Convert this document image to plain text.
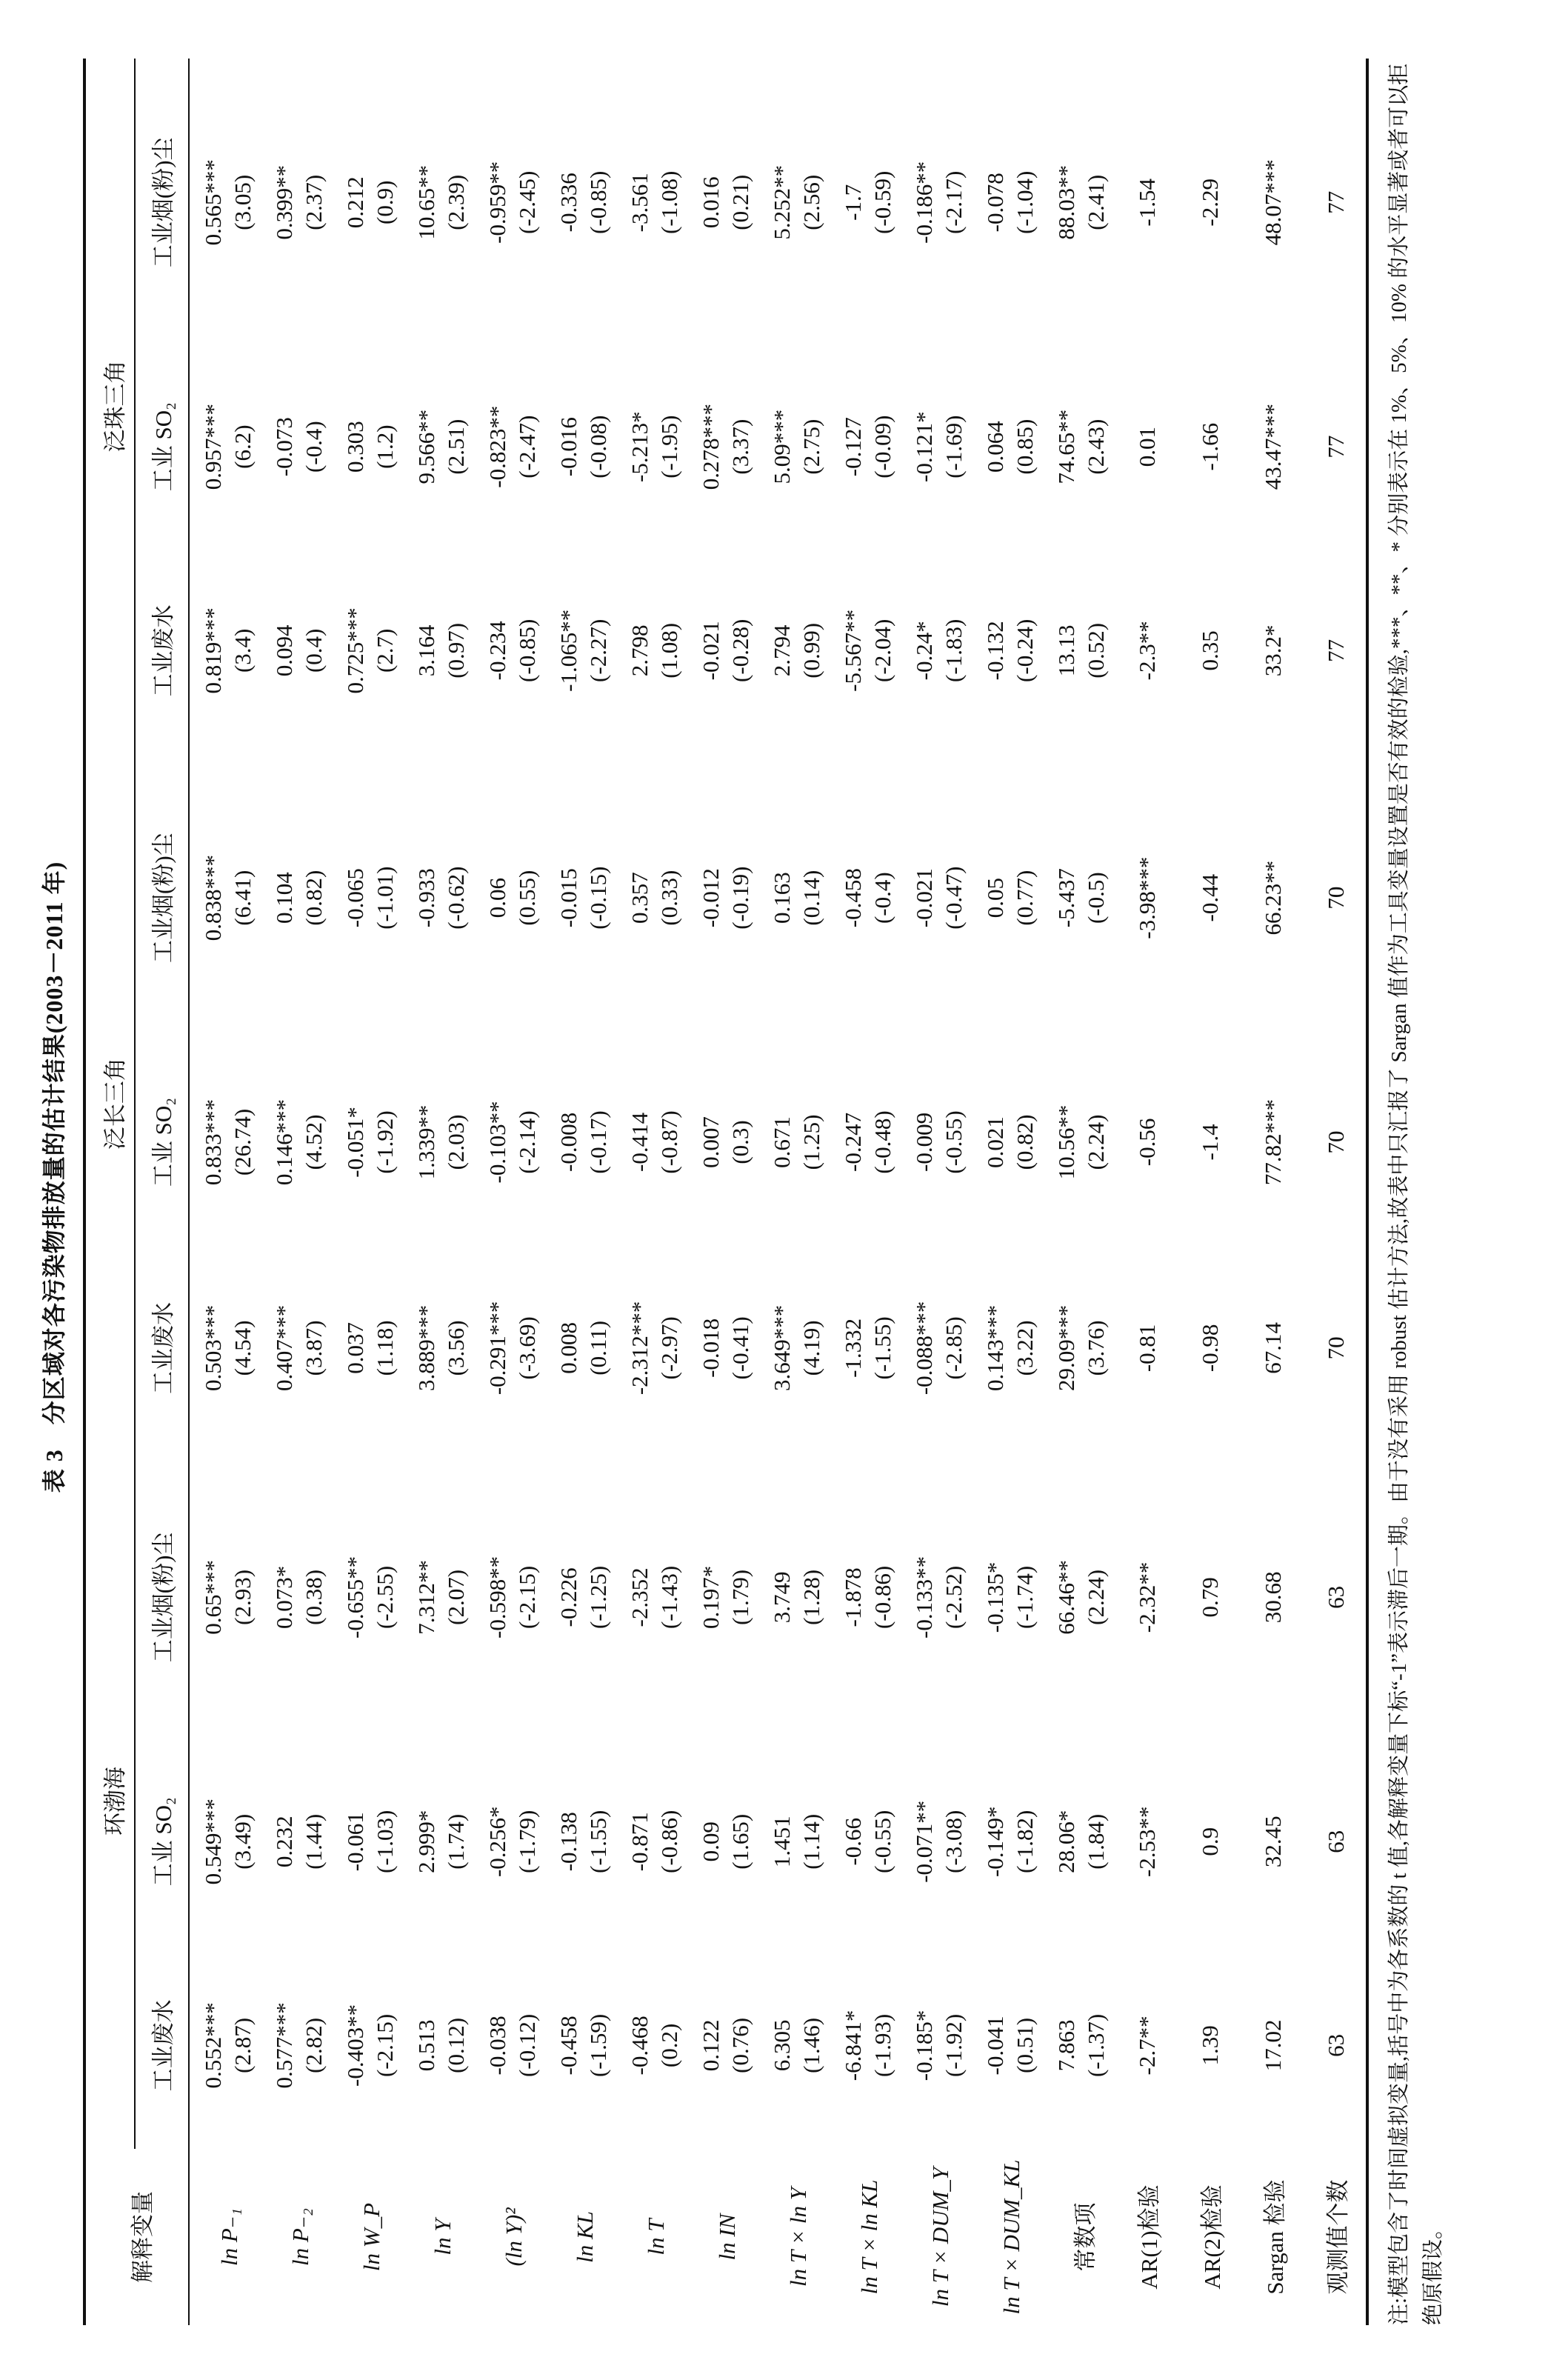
表 3　分区域对各污染物排放量的估计结果(2003－2011 年)
解释变量	环渤海			泛长三角			泛珠三角		
	工业废水	工业 SO₂	工业烟(粉)尘	工业废水	工业 SO₂	工业烟(粉)尘	工业废水	工业 SO₂	工业烟(粉)尘
ln P₋₁	0.552***	0.549***	0.65***	0.503***	0.833***	0.838***	0.819***	0.957***	0.565***
	(2.87)	(3.49)	(2.93)	(4.54)	(26.74)	(6.41)	(3.4)	(6.2)	(3.05)
ln P₋₂	0.577***	0.232	0.073*	0.407***	0.146***	0.104	0.094	-0.073	0.399**
	(2.82)	(1.44)	(0.38)	(3.87)	(4.52)	(0.82)	(0.4)	(-0.4)	(2.37)
ln W_P	-0.403**	-0.061	-0.655**	0.037	-0.051*	-0.065	0.725***	0.303	0.212
	(-2.15)	(-1.03)	(-2.55)	(1.18)	(-1.92)	(-1.01)	(2.7)	(1.2)	(0.9)
ln Y	0.513	2.999*	7.312**	3.889***	1.339**	-0.933	3.164	9.566**	10.65**
	(0.12)	(1.74)	(2.07)	(3.56)	(2.03)	(-0.62)	(0.97)	(2.51)	(2.39)
(ln Y)²	-0.038	-0.256*	-0.598**	-0.291***	-0.103**	0.06	-0.234	-0.823**	-0.959**
	(-0.12)	(-1.79)	(-2.15)	(-3.69)	(-2.14)	(0.55)	(-0.85)	(-2.47)	(-2.45)
ln KL	-0.458	-0.138	-0.226	0.008	-0.008	-0.015	-1.065**	-0.016	-0.336
	(-1.59)	(-1.55)	(-1.25)	(0.11)	(-0.17)	(-0.15)	(-2.27)	(-0.08)	(-0.85)
ln T	-0.468	-0.871	-2.352	-2.312***	-0.414	0.357	2.798	-5.213*	-3.561
	(0.2)	(-0.86)	(-1.43)	(-2.97)	(-0.87)	(0.33)	(1.08)	(-1.95)	(-1.08)
ln IN	0.122	0.09	0.197*	-0.018	0.007	-0.012	-0.021	0.278***	0.016
	(0.76)	(1.65)	(1.79)	(-0.41)	(0.3)	(-0.19)	(-0.28)	(3.37)	(0.21)
ln T × ln Y	6.305	1.451	3.749	3.649***	0.671	0.163	2.794	5.09***	5.252**
	(1.46)	(1.14)	(1.28)	(4.19)	(1.25)	(0.14)	(0.99)	(2.75)	(2.56)
ln T × ln KL	-6.841*	-0.66	-1.878	-1.332	-0.247	-0.458	-5.567**	-0.127	-1.7
	(-1.93)	(-0.55)	(-0.86)	(-1.55)	(-0.48)	(-0.4)	(-2.04)	(-0.09)	(-0.59)
ln T × DUM_Y	-0.185*	-0.071**	-0.133**	-0.088***	-0.009	-0.021	-0.24*	-0.121*	-0.186**
	(-1.92)	(-3.08)	(-2.52)	(-2.85)	(-0.55)	(-0.47)	(-1.83)	(-1.69)	(-2.17)
ln T × DUM_KL	-0.041	-0.149*	-0.135*	0.143***	0.021	0.05	-0.132	0.064	-0.078
	(0.51)	(-1.82)	(-1.74)	(3.22)	(0.82)	(0.77)	(-0.24)	(0.85)	(-1.04)
常数项	7.863	28.06*	66.46**	29.09***	10.56**	-5.437	13.13	74.65**	88.03**
	(-1.37)	(1.84)	(2.24)	(3.76)	(2.24)	(-0.5)	(0.52)	(2.43)	(2.41)
AR(1)检验	-2.7**	-2.53**	-2.32**	-0.81	-0.56	-3.98***	-2.3**	0.01	-1.54
AR(2)检验	1.39	0.9	0.79	-0.98	-1.4	-0.44	0.35	-1.66	-2.29
Sargan 检验	17.02	32.45	30.68	67.14	77.82***	66.23**	33.2*	43.47***	48.07***
观测值个数	63	63	63	70	70	70	77	77	77 注:模型包含了时间虚拟变量,括号中为各系数的 t 值,各解释变量下标“-1”表示滞后一期。由于没有采用 robust 估计方法,故表中只汇报了 Sargan 值作为工具变量设置是否有效的检验,***、**、* 分别表示在 1%、5%、10% 的水平显著或者可以拒绝原假设。
